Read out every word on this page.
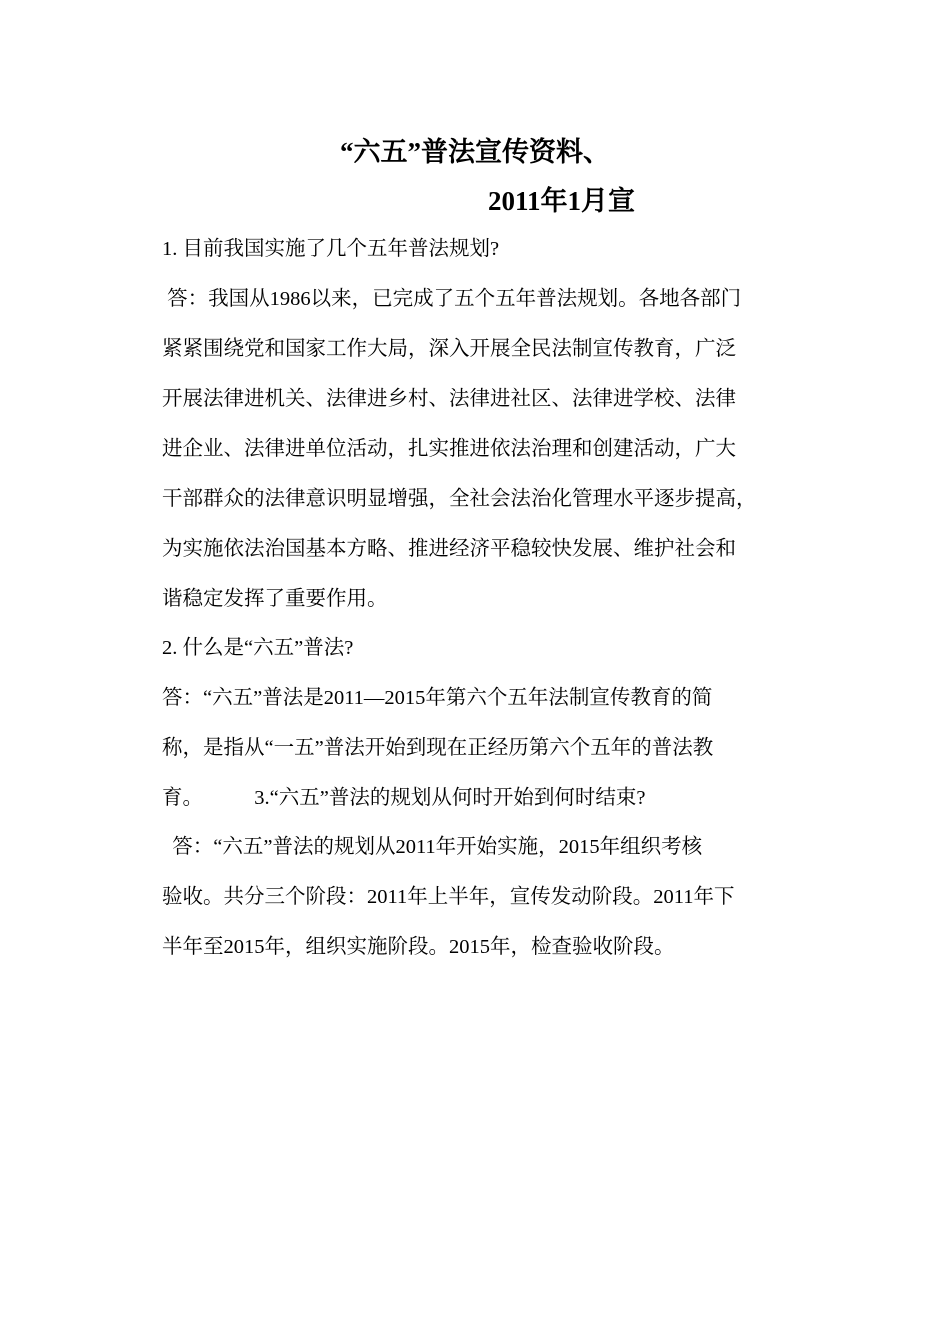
“六五”普法宣传资料、
2011年1月宣
1. 目前我国实施了几个五年普法规划?
答：我国从1986以来，已完成了五个五年普法规划。各地各部门
紧紧围绕党和国家工作大局，深入开展全民法制宣传教育，广泛
开展法律进机关、法律进乡村、法律进社区、法律进学校、法律
进企业、法律进单位活动，扎实推进依法治理和创建活动，广大
干部群众的法律意识明显增强，全社会法治化管理水平逐步提高，
为实施依法治国基本方略、推进经济平稳较快发展、维护社会和
谐稳定发挥了重要作用。
2. 什么是“六五”普法?
答：“六五”普法是2011—2015年第六个五年法制宣传教育的简
称，是指从“一五”普法开始到现在正经历第六个五年的普法教
育。          3.“六五”普法的规划从何时开始到何时结束?
答：“六五”普法的规划从2011年开始实施，2015年组织考核
验收。共分三个阶段：2011年上半年，宣传发动阶段。2011年下
半年至2015年，组织实施阶段。2015年，检查验收阶段。
